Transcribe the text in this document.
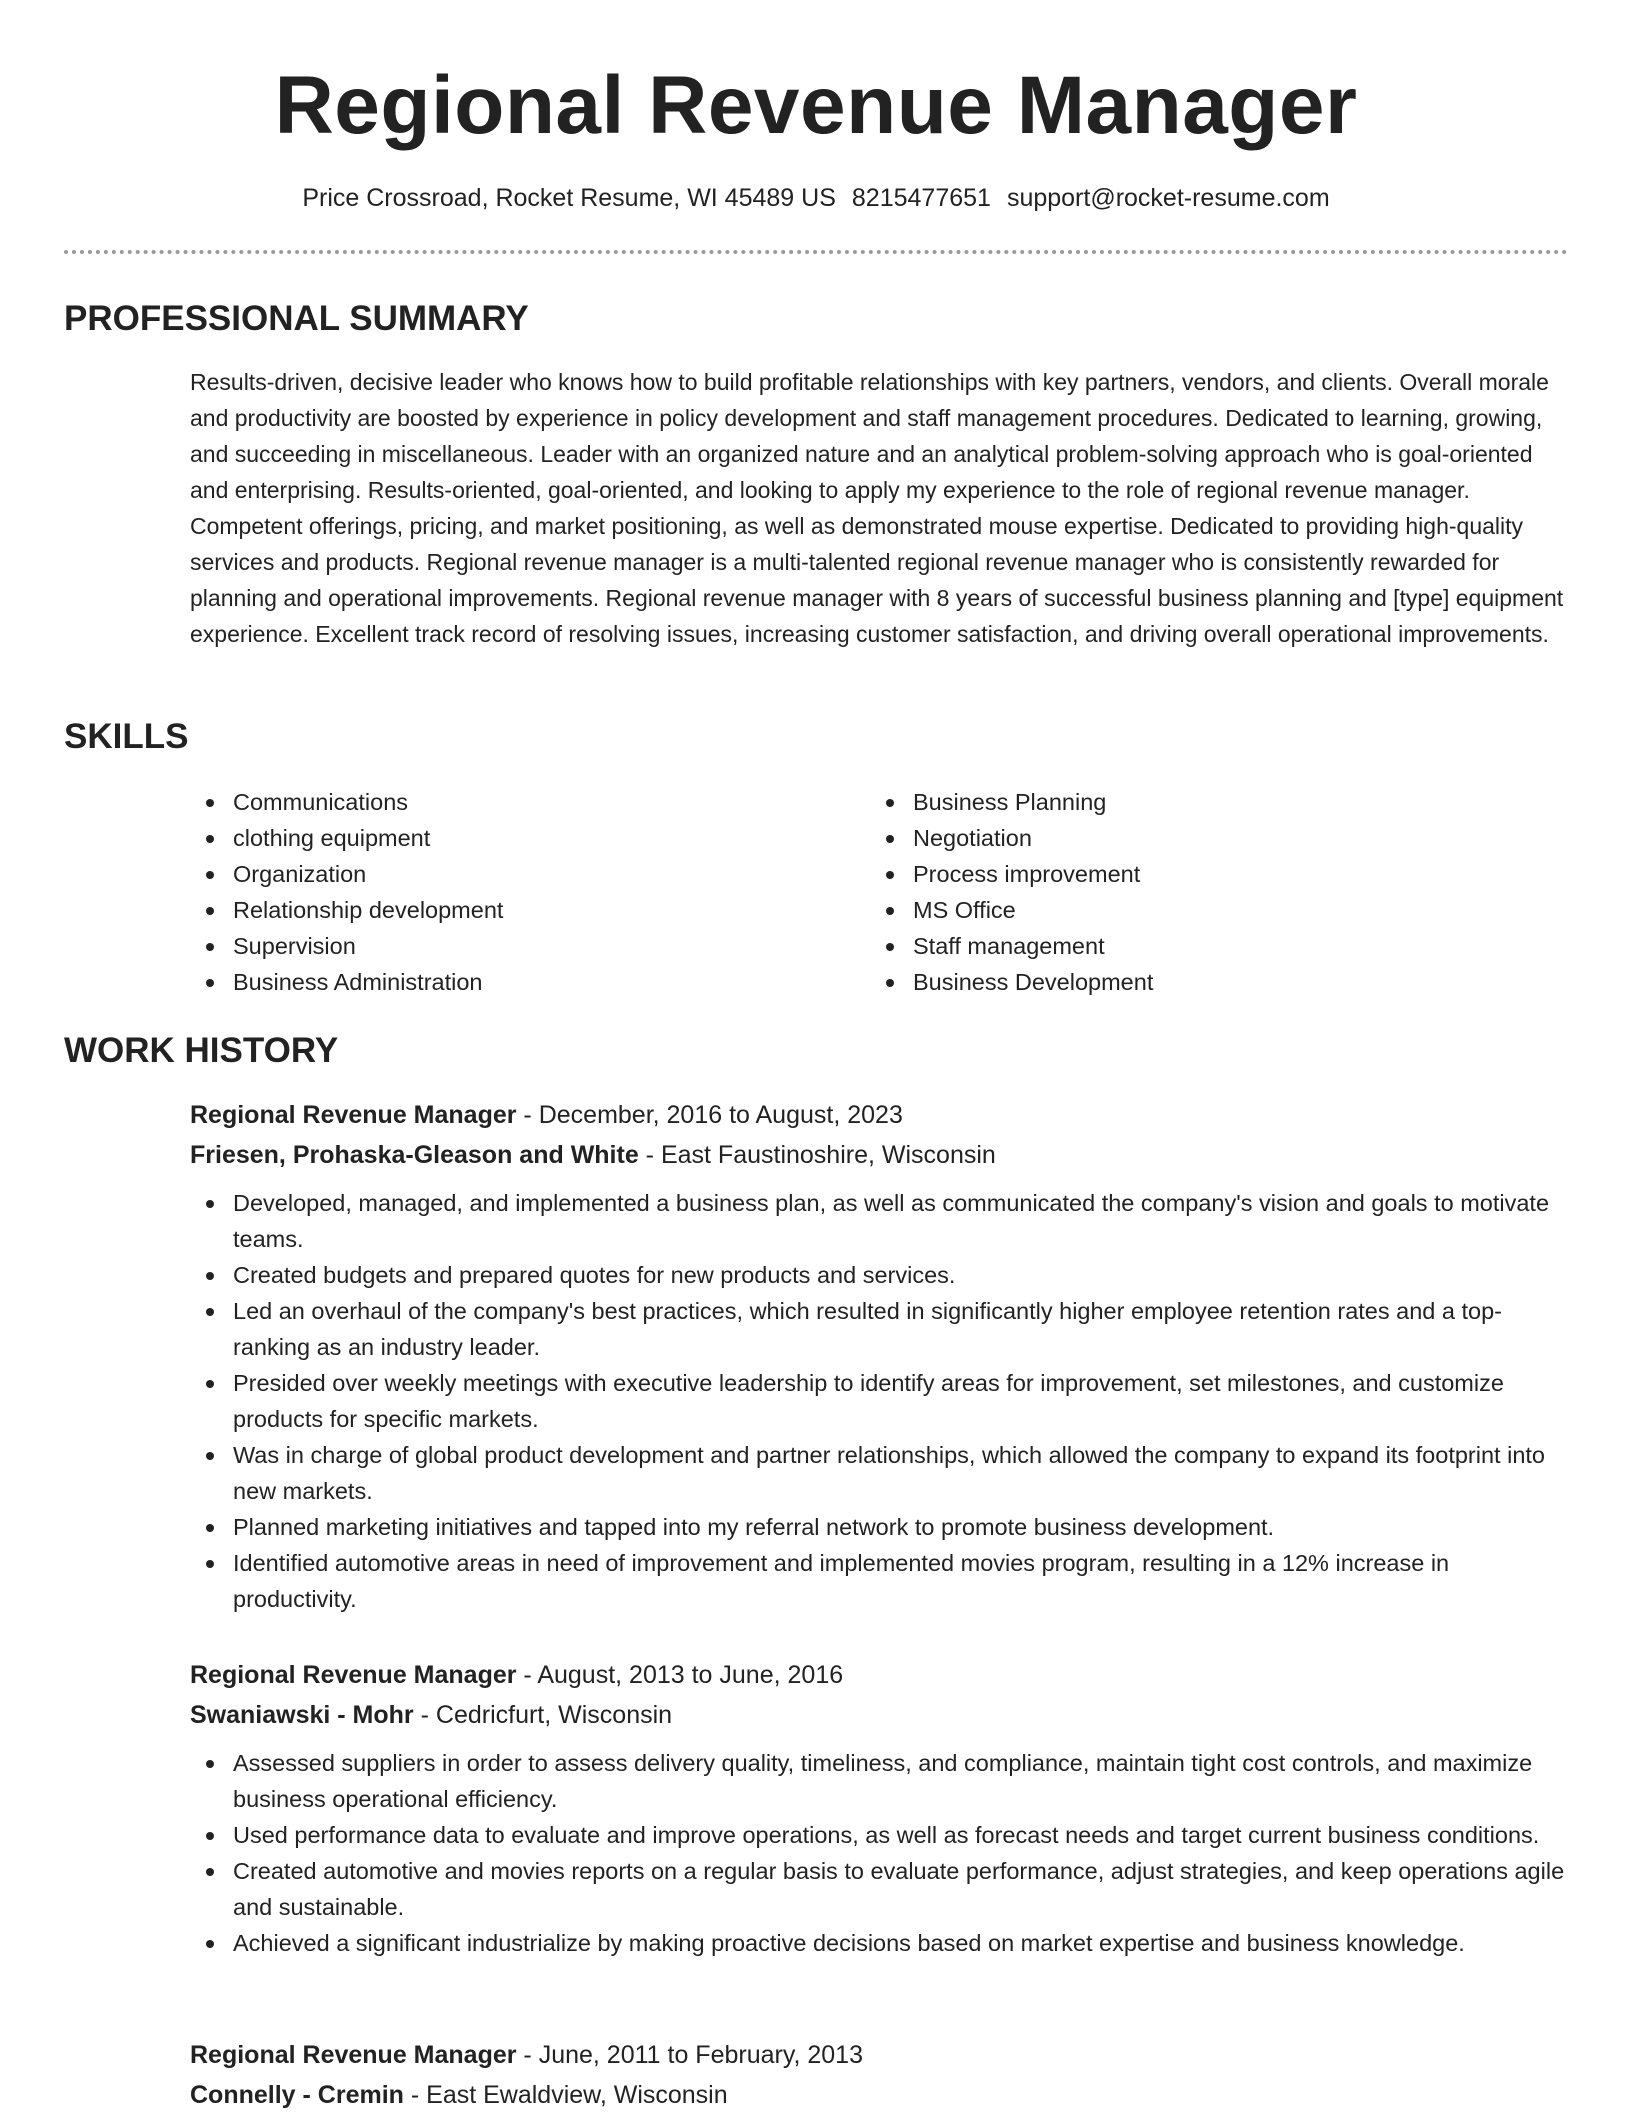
Regional Revenue Manager
Price Crossroad, Rocket Resume, WI 45489 US 8215477651 support@rocket-resume.com
PROFESSIONAL SUMMARY

Results-driven, decisive leader who knows how to build profitable relationships with key partners, vendors, and clients. Overall morale and productivity are boosted by experience in policy development and staff management procedures. Dedicated to learning, growing, and succeeding in miscellaneous. Leader with an organized nature and an analytical problem-solving approach who is goal-oriented and enterprising. Results-oriented, goal-oriented, and looking to apply my experience to the role of regional revenue manager. Competent offerings, pricing, and market positioning, as well as demonstrated mouse expertise. Dedicated to providing high-quality services and products. Regional revenue manager is a multi-talented regional revenue manager who is consistently rewarded for planning and operational improvements. Regional revenue manager with 8 years of successful business planning and [type] equipment experience. Excellent track record of resolving issues, increasing customer satisfaction, and driving overall operational improvements.

SKILLS
Communications
clothing equipment
Organization
Relationship development
Supervision
Business Administration
Business Planning
Negotiation
Process improvement
MS Office
Staff management
Business Development
WORK HISTORY
Regional Revenue Manager - December, 2016 to August, 2023
Friesen, Prohaska-Gleason and White - East Faustinoshire, Wisconsin
Developed, managed, and implemented a business plan, as well as communicated the company's vision and goals to motivate teams.
Created budgets and prepared quotes for new products and services.
Led an overhaul of the company's best practices, which resulted in significantly higher employee retention rates and a top-ranking as an industry leader.
Presided over weekly meetings with executive leadership to identify areas for improvement, set milestones, and customize products for specific markets.
Was in charge of global product development and partner relationships, which allowed the company to expand its footprint into new markets.
Planned marketing initiatives and tapped into my referral network to promote business development.
Identified automotive areas in need of improvement and implemented movies program, resulting in a 12% increase in productivity.
Regional Revenue Manager - August, 2013 to June, 2016
Swaniawski - Mohr - Cedricfurt, Wisconsin
Assessed suppliers in order to assess delivery quality, timeliness, and compliance, maintain tight cost controls, and maximize business operational efficiency.
Used performance data to evaluate and improve operations, as well as forecast needs and target current business conditions.
Created automotive and movies reports on a regular basis to evaluate performance, adjust strategies, and keep operations agile and sustainable.
Achieved a significant industrialize by making proactive decisions based on market expertise and business knowledge.
Regional Revenue Manager - June, 2011 to February, 2013
Connelly - Cremin - East Ewaldview, Wisconsin
